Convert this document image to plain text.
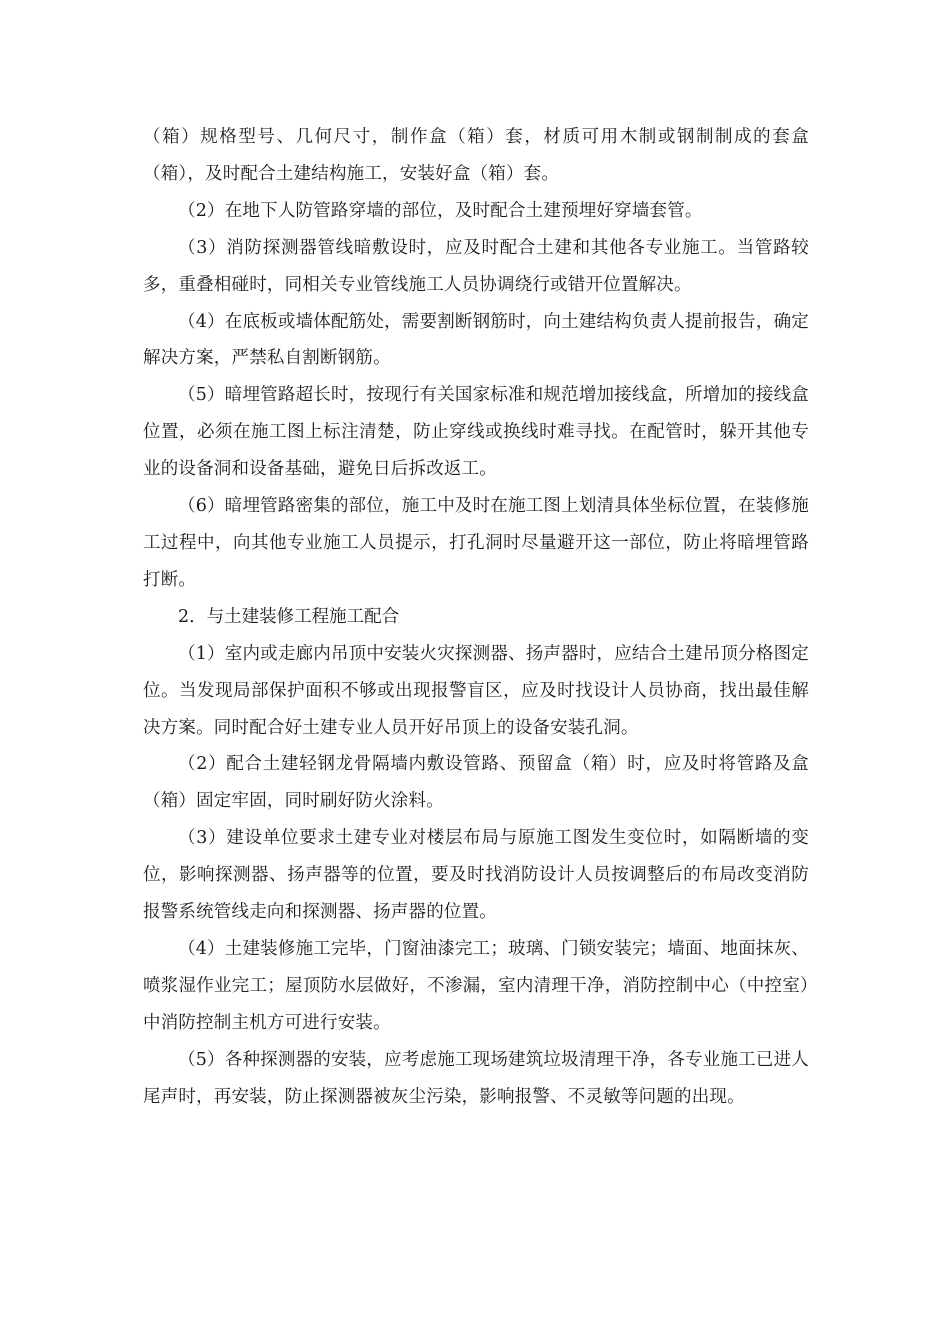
（箱）规格型号、几何尺寸，制作盒（箱）套，材质可用木制或钢制制成的套盒（箱），及时配合土建结构施工，安装好盒（箱）套。

（2）在地下人防管路穿墙的部位，及时配合土建预埋好穿墙套管。

（3）消防探测器管线暗敷设时，应及时配合土建和其他各专业施工。当管路较多，重叠相碰时，同相关专业管线施工人员协调绕行或错开位置解决。

（4）在底板或墙体配筋处，需要割断钢筋时，向土建结构负责人提前报告，确定解决方案，严禁私自割断钢筋。

（5）暗埋管路超长时，按现行有关国家标准和规范增加接线盒，所增加的接线盒位置，必须在施工图上标注清楚，防止穿线或换线时难寻找。在配管时，躲开其他专业的设备洞和设备基础，避免日后拆改返工。

（6）暗埋管路密集的部位，施工中及时在施工图上划清具体坐标位置，在装修施工过程中，向其他专业施工人员提示，打孔洞时尽量避开这一部位，防止将暗埋管路打断。

2．与土建装修工程施工配合

（1）室内或走廊内吊顶中安装火灾探测器、扬声器时，应结合土建吊顶分格图定位。当发现局部保护面积不够或出现报警盲区，应及时找设计人员协商，找出最佳解决方案。同时配合好土建专业人员开好吊顶上的设备安装孔洞。

（2）配合土建轻钢龙骨隔墙内敷设管路、预留盒（箱）时，应及时将管路及盒（箱）固定牢固，同时刷好防火涂料。

（3）建设单位要求土建专业对楼层布局与原施工图发生变位时，如隔断墙的变位，影响探测器、扬声器等的位置，要及时找消防设计人员按调整后的布局改变消防报警系统管线走向和探测器、扬声器的位置。

（4）土建装修施工完毕，门窗油漆完工；玻璃、门锁安装完；墙面、地面抹灰、喷浆湿作业完工；屋顶防水层做好，不渗漏，室内清理干净，消防控制中心（中控室）中消防控制主机方可进行安装。

（5）各种探测器的安装，应考虑施工现场建筑垃圾清理干净，各专业施工已进人尾声时，再安装，防止探测器被灰尘污染，影响报警、不灵敏等问题的出现。
